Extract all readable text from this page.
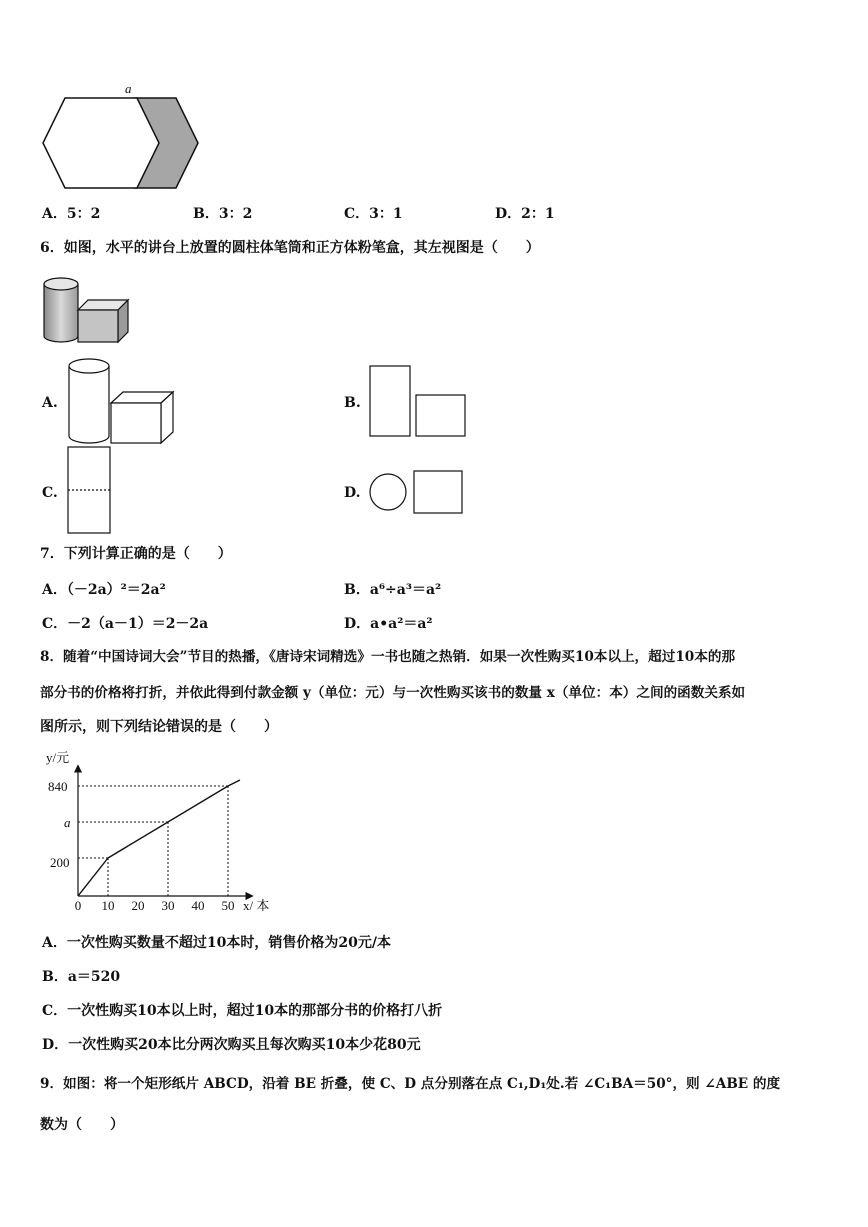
a
A．5：2	B．3：2	C．3：1	D．2：1
6．如图，水平的讲台上放置的圆柱体笔筒和正方体粉笔盒，其左视图是（　　）
A.	B.
C.	D.
7．下列计算正确的是（　　）
A．（－2a）²＝2a²	B．a⁶÷a³＝a²
C．－2（a－1）＝2－2a	D．a•a²＝a²
8．随着“中国诗词大会”节目的热播，《唐诗宋词精选》一书也随之热销．如果一次性购买10本以上，超过10本的那
部分书的价格将打折，并依此得到付款金额 y（单位：元）与一次性购买该书的数量 x（单位：本）之间的函数关系如
图所示，则下列结论错误的是（　　）
0 10 20 30 40 50
y/元
x/ 本
840
a
200
A．一次性购买数量不超过10本时，销售价格为20元/本
B．a＝520
C．一次性购买10本以上时，超过10本的那部分书的价格打八折
D．一次性购买20本比分两次购买且每次购买10本少花80元
9．如图：将一个矩形纸片 ABCD，沿着 BE 折叠，使 C、D 点分别落在点 C₁,D₁处.若 ∠C₁BA＝50°，则 ∠ABE 的度
数为（　　）
